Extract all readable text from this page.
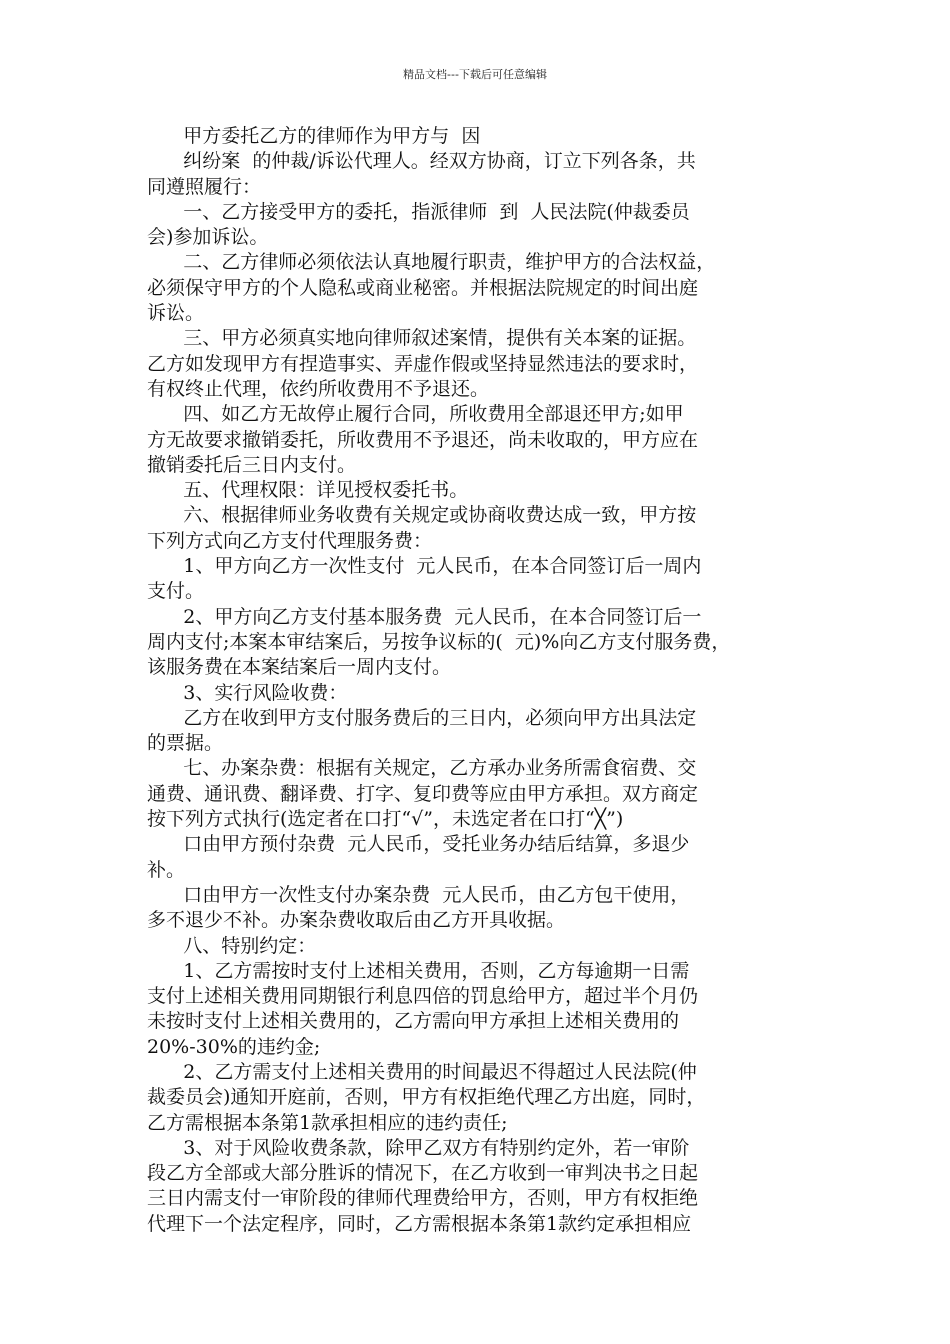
精品文档---下载后可任意编辑
甲方委托乙方的律师作为甲方与  因
纠纷案  的仲裁/诉讼代理人。经双方协商，订立下列各条，共
同遵照履行：
一、乙方接受甲方的委托，指派律师  到  人民法院(仲裁委员
会)参加诉讼。
二、乙方律师必须依法认真地履行职责，维护甲方的合法权益，
必须保守甲方的个人隐私或商业秘密。并根据法院规定的时间出庭
诉讼。
三、甲方必须真实地向律师叙述案情，提供有关本案的证据。
乙方如发现甲方有捏造事实、弄虚作假或坚持显然违法的要求时，
有权终止代理，依约所收费用不予退还。
四、如乙方无故停止履行合同，所收费用全部退还甲方;如甲
方无故要求撤销委托，所收费用不予退还，尚未收取的，甲方应在
撤销委托后三日内支付。
五、代理权限：详见授权委托书。
六、根据律师业务收费有关规定或协商收费达成一致，甲方按
下列方式向乙方支付代理服务费：
1、甲方向乙方一次性支付  元人民币，在本合同签订后一周内
支付。
2、甲方向乙方支付基本服务费  元人民币，在本合同签订后一
周内支付;本案本审结案后，另按争议标的(  元)%向乙方支付服务费，
该服务费在本案结案后一周内支付。
3、实行风险收费：
乙方在收到甲方支付服务费后的三日内，必须向甲方出具法定
的票据。
七、办案杂费：根据有关规定，乙方承办业务所需食宿费、交
通费、通讯费、翻译费、打字、复印费等应由甲方承担。双方商定
按下列方式执行(选定者在口打“√”，未选定者在口打“╳”)
口由甲方预付杂费  元人民币，受托业务办结后结算，多退少
补。
口由甲方一次性支付办案杂费  元人民币，由乙方包干使用，
多不退少不补。办案杂费收取后由乙方开具收据。
八、特别约定：
1、乙方需按时支付上述相关费用，否则，乙方每逾期一日需
支付上述相关费用同期银行利息四倍的罚息给甲方，超过半个月仍
未按时支付上述相关费用的，乙方需向甲方承担上述相关费用的
20%-30%的违约金;
2、乙方需支付上述相关费用的时间最迟不得超过人民法院(仲
裁委员会)通知开庭前，否则，甲方有权拒绝代理乙方出庭，同时，
乙方需根据本条第1款承担相应的违约责任;
3、对于风险收费条款，除甲乙双方有特别约定外，若一审阶
段乙方全部或大部分胜诉的情况下，在乙方收到一审判决书之日起
三日内需支付一审阶段的律师代理费给甲方，否则，甲方有权拒绝
代理下一个法定程序，同时，乙方需根据本条第1款约定承担相应
